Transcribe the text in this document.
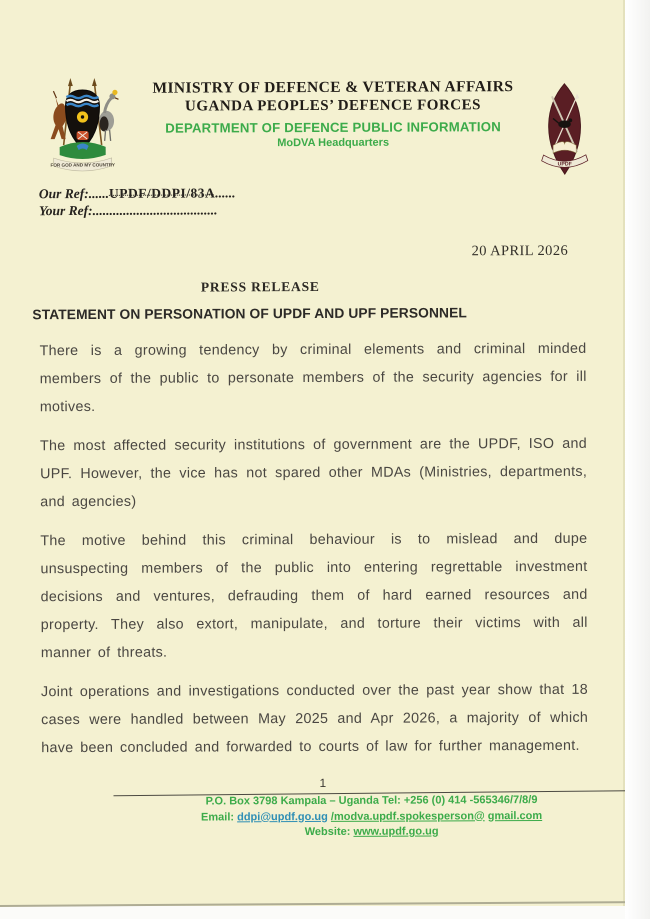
FOR GOD AND MY COUNTRY
MINISTRY OF DEFENCE & VETERAN AFFAIRS
UGANDA PEOPLES’ DEFENCE FORCES
DEPARTMENT OF DEFENCE PUBLIC INFORMATION
MoDVA Headquarters
UPDF
Our Ref:......UPDF/DDPI/83A......
Your Ref:.....................................
20 APRIL 2026
PRESS RELEASE
STATEMENT ON PERSONATION OF UPDF AND UPF PERSONNEL

There is a growing tendency by criminal elements and criminal minded members of the public to personate members of the security agencies for ill motives.

The most affected security institutions of government are the UPDF, ISO and UPF. However, the vice has not spared other MDAs (Ministries, departments, and agencies)

The motive behind this criminal behaviour is to mislead and dupe unsuspecting members of the public into entering regrettable investment decisions and ventures, defrauding them of hard earned resources and property. They also extort, manipulate, and torture their victims with all manner of threats.

Joint operations and investigations conducted over the past year show that 18 cases were handled between May 2025 and Apr 2026, a majority of which have been concluded and forwarded to courts of law for further management.

1
P.O. Box 3798 Kampala – Uganda Tel: +256 (0) 414 -565346/7/8/9
Email: ddpi@updf.go.ug /modva.updf.spokesperson@ gmail.com
Website: www.updf.go.ug
